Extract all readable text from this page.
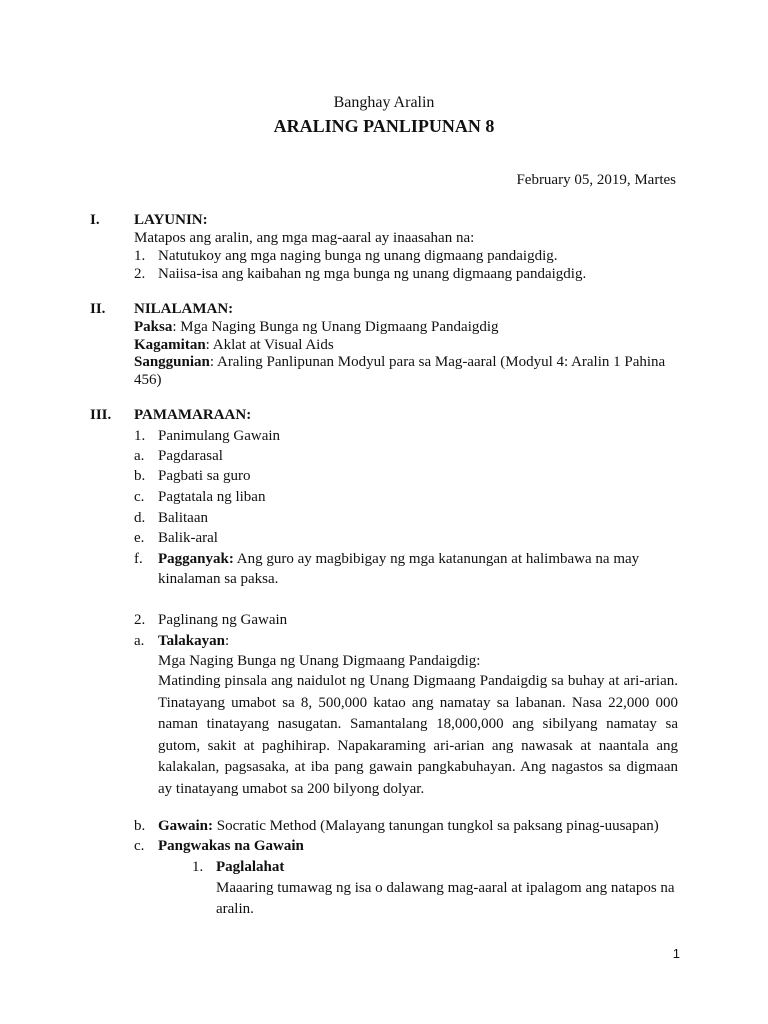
Banghay Aralin
ARALING PANLIPUNAN 8
February 05, 2019, Martes
I. LAYUNIN:
Matapos ang aralin, ang mga mag-aaral ay inaasahan na:
1. Natutukoy ang mga naging bunga ng unang digmaang pandaigdig.
2. Naiisa-isa ang kaibahan ng mga bunga ng unang digmaang pandaigdig.
II. NILALAMAN:
Paksa: Mga Naging Bunga ng Unang Digmaang Pandaigdig
Kagamitan: Aklat at Visual Aids
Sanggunian: Araling Panlipunan Modyul para sa Mag-aaral (Modyul 4: Aralin 1 Pahina
456)
III. PAMAMARAAN:
1. Panimulang Gawain
a. Pagdarasal
b. Pagbati sa guro
c. Pagtatala ng liban
d. Balitaan
e. Balik-aral
f. Pagganyak: Ang guro ay magbibigay ng mga katanungan at halimbawa na may
kinalaman sa paksa.
2. Paglinang ng Gawain
a. Talakayan:
Mga Naging Bunga ng Unang Digmaang Pandaigdig:
Matinding pinsala ang naidulot ng Unang Digmaang Pandaigdig sa buhay at ari-arian. Tinatayang umabot sa 8, 500,000 katao ang namatay sa labanan. Nasa 22,000 000 naman tinatayang nasugatan. Samantalang 18,000,000 ang sibilyang namatay sa gutom, sakit at paghihirap. Napakaraming ari-arian ang nawasak at naantala ang kalakalan, pagsasaka, at iba pang gawain pangkabuhayan. Ang nagastos sa digmaan ay tinatayang umabot sa 200 bilyong dolyar.
b. Gawain: Socratic Method (Malayang tanungan tungkol sa paksang pinag-uusapan)
c. Pangwakas na Gawain
1. Paglalahat
Maaaring tumawag ng isa o dalawang mag-aaral at ipalagom ang natapos na
aralin.
1
